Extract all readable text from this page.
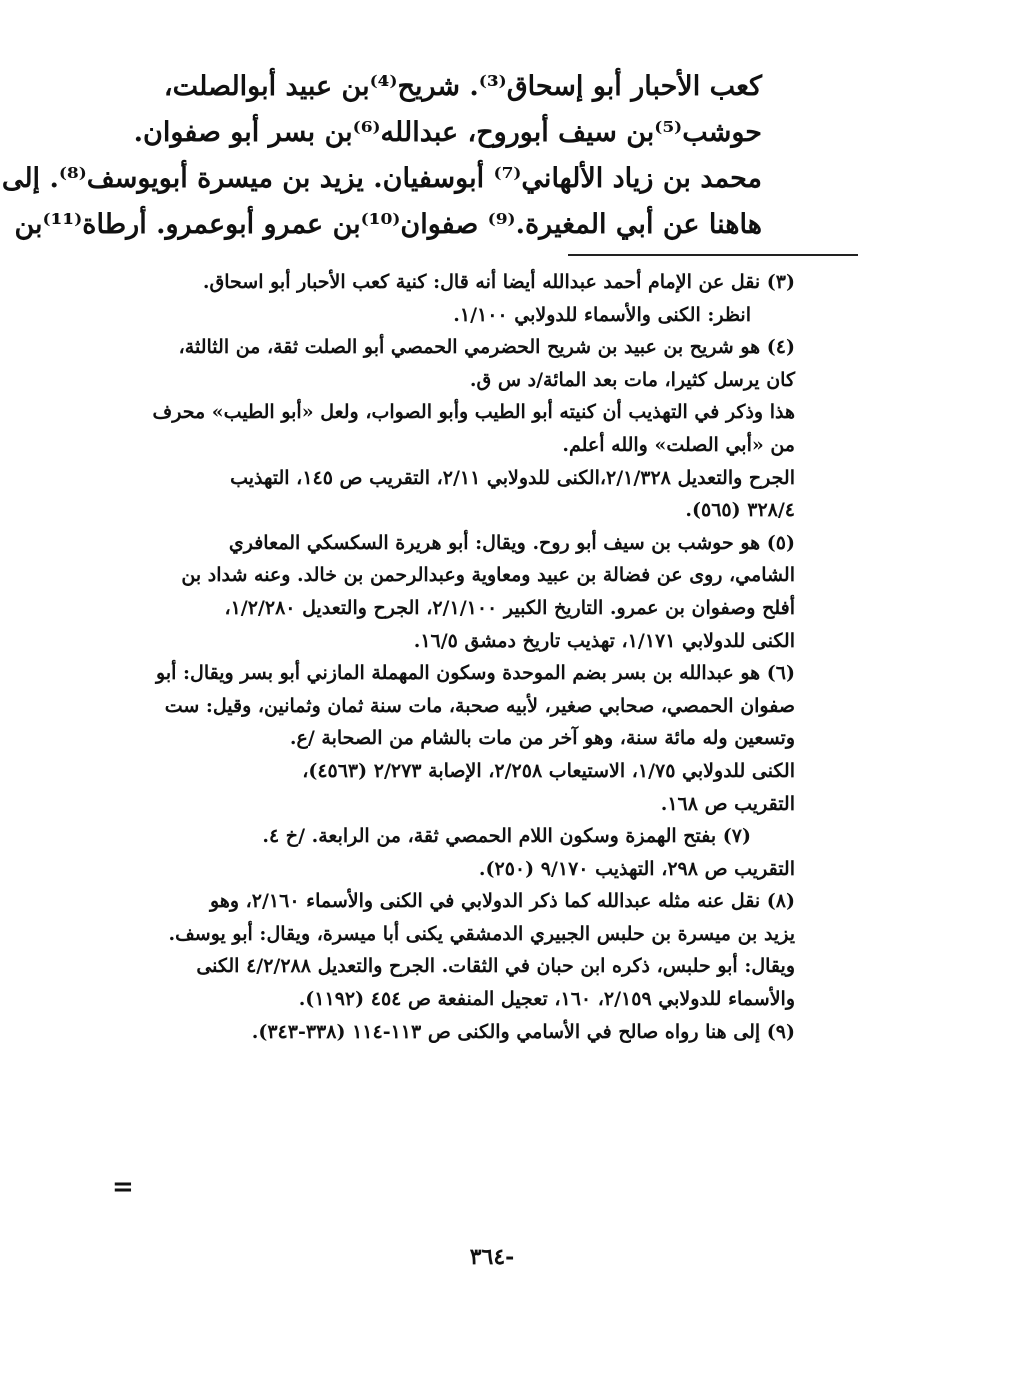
كعب الأحبار أبو إسحاق⁽³⁾. شريح⁽⁴⁾بن عبيد أبوالصلت،
حوشب⁽⁵⁾بن سيف أبوروح، عبدالله⁽⁶⁾بن بسر أبو صفوان.
محمد بن زياد الألهاني⁽⁷⁾ أبوسفيان. يزيد بن ميسرة أبويوسف⁽⁸⁾. إلى
هاهنا عن أبي المغيرة.⁽⁹⁾ صفوان⁽¹⁰⁾بن عمرو أبوعمرو. أرطاة⁽¹¹⁾بن
(٣) نقل عن الإمام أحمد عبدالله أيضا أنه قال: كنية كعب الأحبار أبو اسحاق.
انظر: الكنى والأسماء للدولابي ١/١٠٠.
(٤) هو شريح بن عبيد بن شريح الحضرمي الحمصي أبو الصلت ثقة، من الثالثة،
كان يرسل كثيرا، مات بعد المائة/د س ق.
هذا وذكر في التهذيب أن كنيته أبو الطيب وأبو الصواب، ولعل «أبو الطيب» محرف
من «أبي الصلت» والله أعلم.
الجرح والتعديل ٢/١/٣٢٨،الكنى للدولابي ٢/١١، التقريب ص ١٤٥، التهذيب
٣٢٨/٤ (٥٦٥).
(٥) هو حوشب بن سيف أبو روح. ويقال: أبو هريرة السكسكي المعافري
الشامي، روى عن فضالة بن عبيد ومعاوية وعبدالرحمن بن خالد. وعنه شداد بن
أفلح وصفوان بن عمرو. التاريخ الكبير ٢/١/١٠٠، الجرح والتعديل ١/٢/٢٨٠،
الكنى للدولابي ١/١٧١، تهذيب تاريخ دمشق ١٦/٥.
(٦) هو عبدالله بن بسر بضم الموحدة وسكون المهملة المازني أبو بسر ويقال: أبو
صفوان الحمصي، صحابي صغير، لأبيه صحبة، مات سنة ثمان وثمانين، وقيل: ست
وتسعين وله مائة سنة، وهو آخر من مات بالشام من الصحابة /ع.
الكنى للدولابي ١/٧٥، الاستيعاب ٢/٢٥٨، الإصابة ٢/٢٧٣ (٤٥٦٣)،
التقريب ص ١٦٨.
(٧) بفتح الهمزة وسكون اللام الحمصي ثقة، من الرابعة. /خ ٤.
التقريب ص ٢٩٨، التهذيب ٩/١٧٠ (٢٥٠).
(٨) نقل عنه مثله عبدالله كما ذكر الدولابي في الكنى والأسماء ٢/١٦٠، وهو
يزيد بن ميسرة بن حلبس الجبيري الدمشقي يكنى أبا ميسرة، ويقال: أبو يوسف.
ويقال: أبو حلبس، ذكره ابن حبان في الثقات. الجرح والتعديل ٤/٢/٢٨٨ الكنى
والأسماء للدولابي ٢/١٥٩، ١٦٠، تعجيل المنفعة ص ٤٥٤ (١١٩٢).
(٩) إلى هنا رواه صالح في الأسامي والكنى ص ١١٣-١١٤ (٣٣٨-٣٤٣).
=
-٣٦٤
